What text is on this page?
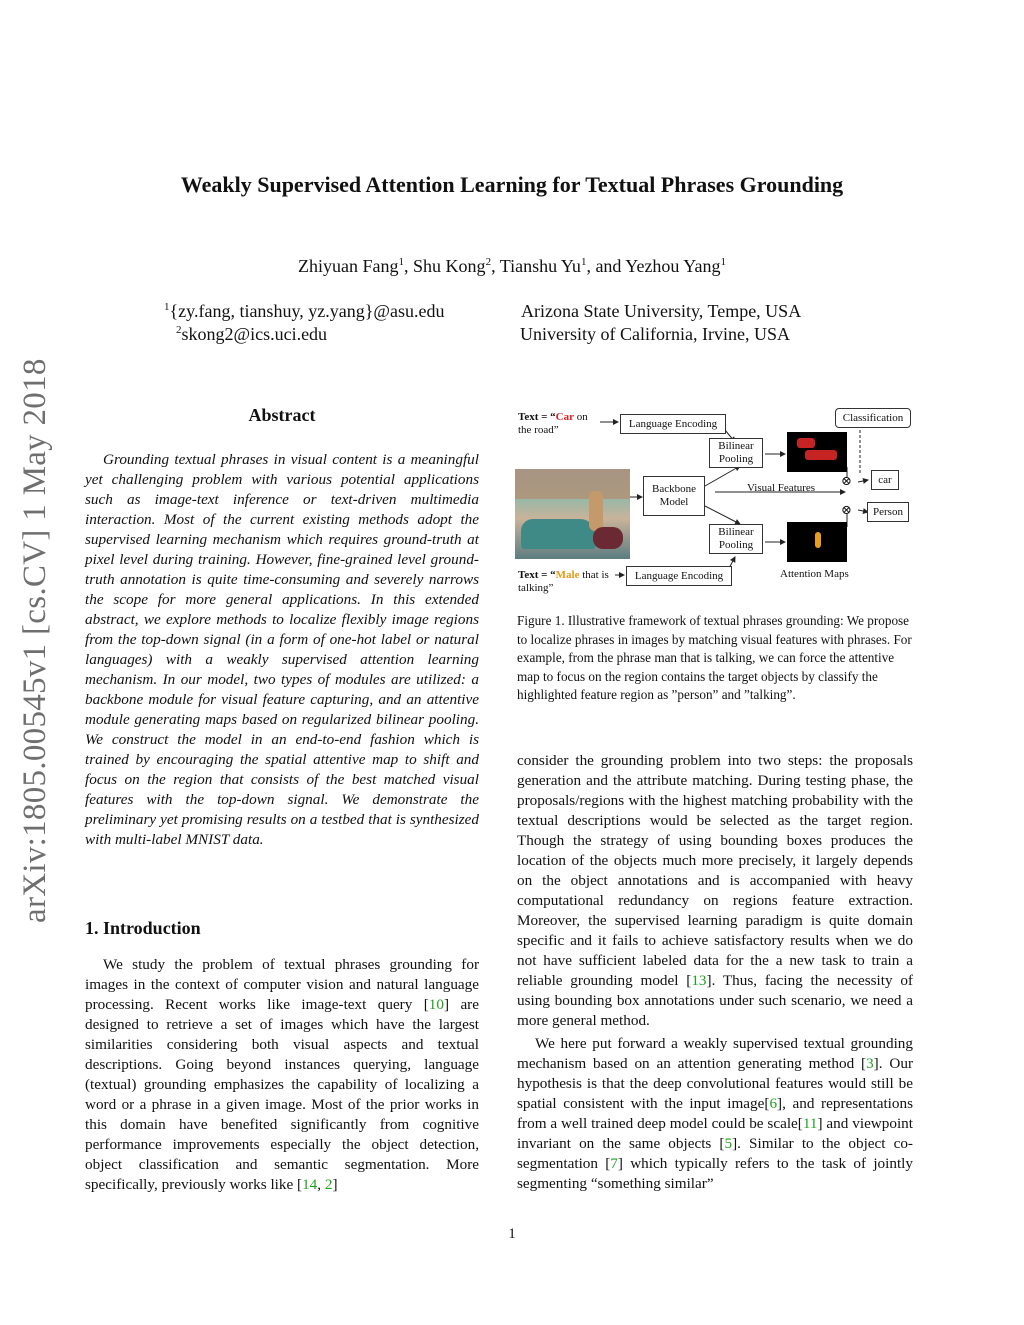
arXiv:1805.00545v1 [cs.CV] 1 May 2018
Weakly Supervised Attention Learning for Textual Phrases Grounding
Zhiyuan Fang$^1$, Shu Kong$^2$, Tianshu Yu$^1$, and Yezhou Yang$^1$
$^1${zy.fang, tianshuy, yz.yang}@asu.edu	Arizona State University, Tempe, USA
$^2$skong2@ics.uci.edu	University of California, Irvine, USA
Abstract
Grounding textual phrases in visual content is a meaningful yet challenging problem with various potential applications such as image-text inference or text-driven multimedia interaction. Most of the current existing methods adopt the supervised learning mechanism which requires ground-truth at pixel level during training. However, fine-grained level ground-truth annotation is quite time-consuming and severely narrows the scope for more general applications. In this extended abstract, we explore methods to localize flexibly image regions from the top-down signal (in a form of one-hot label or natural languages) with a weakly supervised attention learning mechanism. In our model, two types of modules are utilized: a backbone module for visual feature capturing, and an attentive module generating maps based on regularized bilinear pooling. We construct the model in an end-to-end fashion which is trained by encouraging the spatial attentive map to shift and focus on the region that consists of the best matched visual features with the top-down signal. We demonstrate the preliminary yet promising results on a testbed that is synthesized with multi-label MNIST data.
1. Introduction
We study the problem of textual phrases grounding for images in the context of computer vision and natural language processing. Recent works like image-text query [10] are designed to retrieve a set of images which have the largest similarities considering both visual aspects and textual descriptions. Going beyond instances querying, language (textual) grounding emphasizes the capability of localizing a word or a phrase in a given image. Most of the prior works in this domain have benefited significantly from cognitive performance improvements especially the object detection, object classification and semantic segmentation. More specifically, previously works like [14, 2]
Text = “Car on the road”
Text = “Male that is talking”
Language Encoding
Language Encoding
Classification
Bilinear Pooling
Bilinear Pooling
Backbone Model
Visual Features
Attention Maps
car
Person
⊗
⊗
Figure 1. Illustrative framework of textual phrases grounding: We propose to localize phrases in images by matching visual features with phrases. For example, from the phrase man that is talking, we can force the attentive map to focus on the region contains the target objects by classify the highlighted feature region as ”person” and ”talking”.
consider the grounding problem into two steps: the proposals generation and the attribute matching. During testing phase, the proposals/regions with the highest matching probability with the textual descriptions would be selected as the target region. Though the strategy of using bounding boxes produces the location of the objects much more precisely, it largely depends on the object annotations and is accompanied with heavy computational redundancy on regions feature extraction. Moreover, the supervised learning paradigm is quite domain specific and it fails to achieve satisfactory results when we do not have sufficient labeled data for the a new task to train a reliable grounding model [13]. Thus, facing the necessity of using bounding box annotations under such scenario, we need a more general method.
We here put forward a weakly supervised textual grounding mechanism based on an attention generating method [3]. Our hypothesis is that the deep convolutional features would still be spatial consistent with the input image[6], and representations from a well trained deep model could be scale[11] and viewpoint invariant on the same objects [5]. Similar to the object co-segmentation [7] which typically refers to the task of jointly segmenting “something similar”
1
